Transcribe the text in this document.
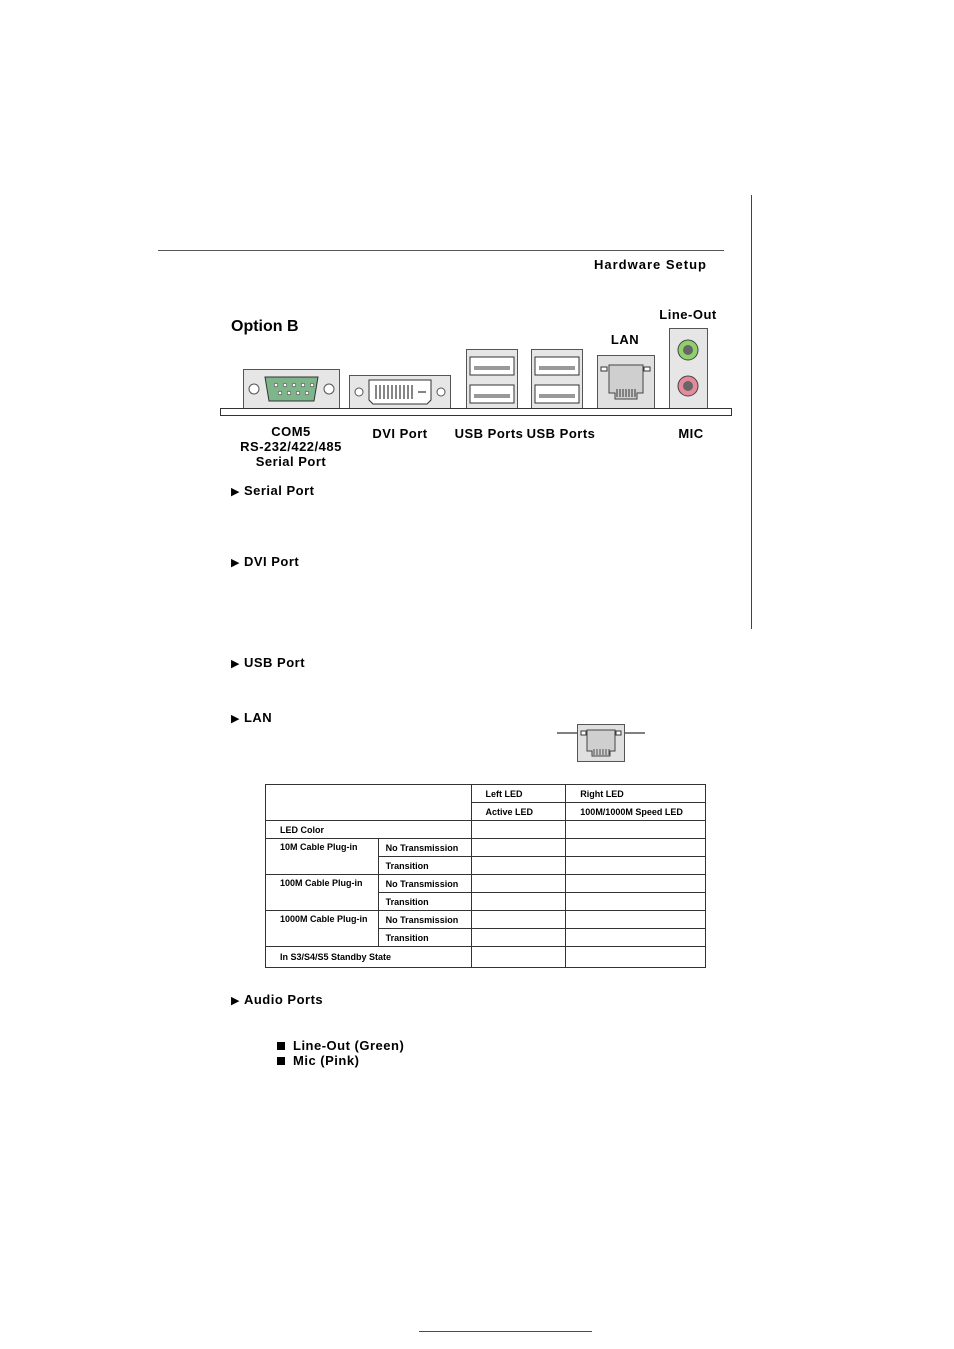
Hardware Setup
Option B
LAN
Line-Out
COM5
RS-232/422/485
Serial Port
DVI Port	USB Ports USB Ports	MIC
▶ Serial Port
▶ DVI Port
▶ USB Port
▶ LAN
		Left LED	Right LED
		Active LED	100M/1000M Speed LED
LED Color			
10M Cable Plug-in	No Transmission		
	Transition		
100M Cable Plug-in	No Transmission		
	Transition		
1000M Cable Plug-in	No Transmission		
	Transition		
In S3/S4/S5 Standby State			
▶ Audio Ports
Line-Out (Green)
Mic (Pink)
